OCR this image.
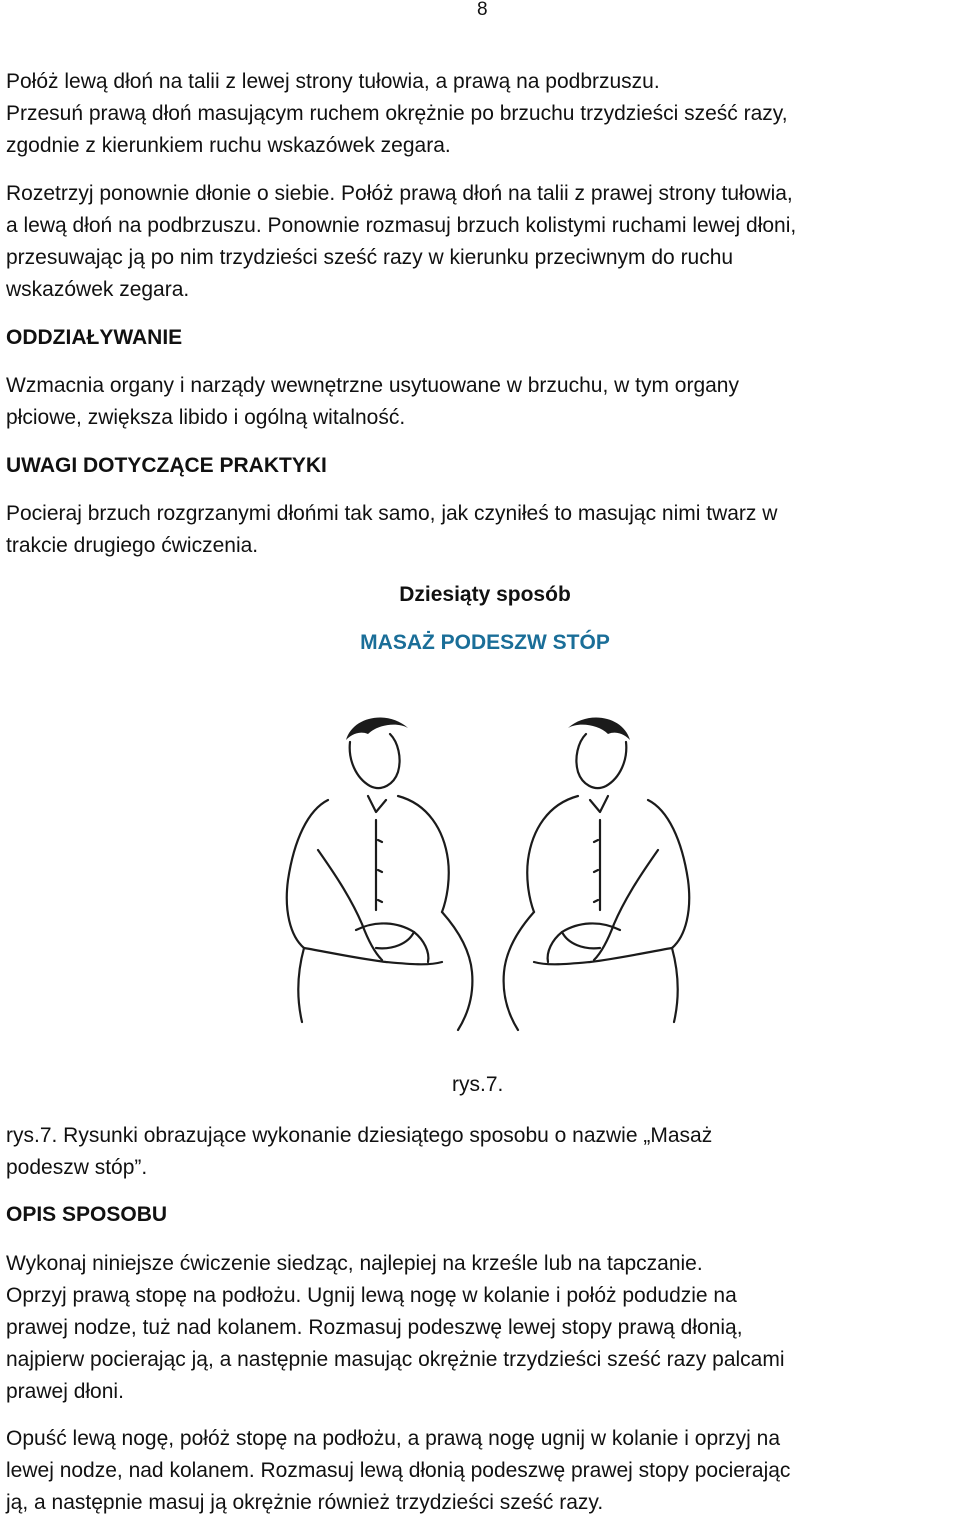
8
Połóż lewą dłoń na talii z lewej strony tułowia, a prawą na podbrzuszu.
Przesuń prawą dłoń masującym ruchem okrężnie po brzuchu trzydzieści sześć razy,
zgodnie z kierunkiem ruchu wskazówek zegara.
Rozetrzyj ponownie dłonie o siebie. Połóż prawą dłoń na talii z prawej strony tułowia,
a lewą dłoń na podbrzuszu. Ponownie rozmasuj brzuch kolistymi ruchami lewej dłoni,
przesuwając ją po nim trzydzieści sześć razy w kierunku przeciwnym do ruchu
wskazówek zegara.
ODDZIAŁYWANIE
Wzmacnia organy i narządy wewnętrzne usytuowane w brzuchu, w tym organy
płciowe, zwiększa libido i ogólną witalność.
UWAGI DOTYCZĄCE PRAKTYKI
Pocieraj brzuch rozgrzanymi dłońmi tak samo, jak czyniłeś to masując nimi twarz w
trakcie drugiego ćwiczenia.
Dziesiąty sposób
MASAŻ PODESZW STÓP
rys.7.
rys.7. Rysunki obrazujące wykonanie dziesiątego sposobu o nazwie „Masaż
podeszw stóp”.
OPIS SPOSOBU
Wykonaj niniejsze ćwiczenie siedząc, najlepiej na krześle lub na tapczanie.
Oprzyj prawą stopę na podłożu. Ugnij lewą nogę w kolanie i połóż podudzie na
prawej nodze, tuż nad kolanem. Rozmasuj podeszwę lewej stopy prawą dłonią,
najpierw pocierając ją, a następnie masując okrężnie trzydzieści sześć razy palcami
prawej dłoni.
Opuść lewą nogę, połóż stopę na podłożu, a prawą nogę ugnij w kolanie i oprzyj na
lewej nodze, nad kolanem. Rozmasuj lewą dłonią podeszwę prawej stopy pocierając
ją, a następnie masuj ją okrężnie również trzydzieści sześć razy.
